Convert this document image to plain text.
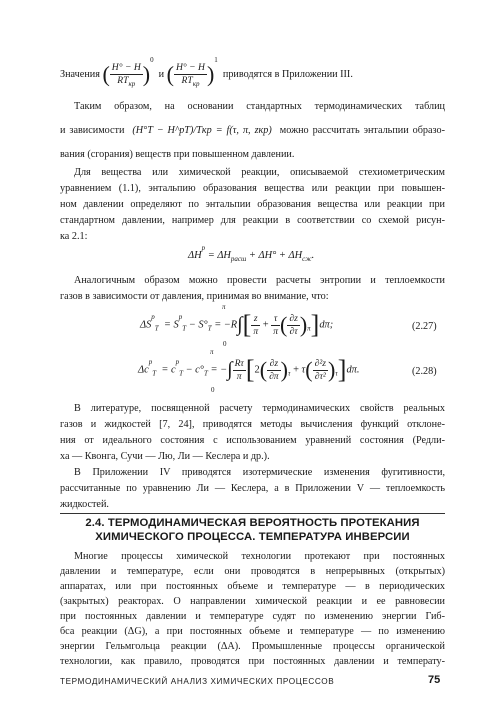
Значения ( $\frac{H^\circ - H}{RT_{кр}} )^0$  и ( $\frac{H^\circ - H}{RT_{кр}} )^1$  приводятся в Приложении III.
Таким образом, на основании стандартных термодинамических таблиц
и зависимости (H°T − H^pT)/Tкр = f(τ, π, zкр) можно рассчитать энтальпии образо-
вания (сгорания) веществ при повышенном давлении.
Для вещества или химической реакции, описываемой стехиометрическим
уравнением (1.1), энтальпию образования вещества или реакции при повышен-
ном давлении определяют по энтальпии образования вещества или реакции при
стандартном давлении, например для реакции в соответствии со схемой рисун-
ка 2.1:
$\Delta H^p = \Delta H_{расш} + \Delta H^\circ + \Delta H_{сж}$.
Аналогичным образом можно провести расчеты энтропии и теплоемкости
газов в зависимости от давления, принимая во внимание, что:
$\Delta S^p_T = S^p_T - S^\circ_T = -R\int[ \frac{z}{\pi} + \frac{\tau}{\pi}$ ( $\frac{\partial z}{\partial\tau} )_\pi]d\pi$;
π
0
(2.27)
$\Delta c^p_T = c^p_T - c^\circ_T$ = −∫ $\frac{R\tau}{\pi} [2( \frac{\partial z}{\partial\pi} )_\tau + \tau( \frac{\text{∂²z}}{\text{∂τ²}} )_\tau]d\pi$.
π
0
(2.28)
В литературе, посвященной расчету термодинамических свойств реальных
газов и жидкостей [7, 24], приводятся методы вычисления функций отклоне-
ния от идеального состояния с использованием уравнений состояния (Редли-
ха — Квонга, Сучи — Лю, Ли — Кеслера и др.).
В Приложении IV приводятся изотермические изменения фугитивности,
рассчитанные по уравнению Ли — Кеслера, а в Приложении V — теплоемкость
жидкостей.
2.4. ТЕРМОДИНАМИЧЕСКАЯ ВЕРОЯТНОСТЬ ПРОТЕКАНИЯ
ХИМИЧЕСКОГО ПРОЦЕССА. ТЕМПЕРАТУРА ИНВЕРСИИ
Многие процессы химической технологии протекают при постоянных
давлении и температуре, если они проводятся в непрерывных (открытых)
аппаратах, или при постоянных объеме и температуре — в периодических
(закрытых) реакторах. О направлении химической реакции и ее равновесии
при постоянных давлении и температуре судят по изменению энергии Гиб-
бса реакции (ΔG), а при постоянных объеме и температуре — по изменению
энергии Гельмгольца реакции (ΔA). Промышленные процессы органической
технологии, как правило, проводятся при постоянных давлении и температу-
ТЕРМОДИНАМИЧЕСКИЙ АНАЛИЗ ХИМИЧЕСКИХ ПРОЦЕССОВ	75
